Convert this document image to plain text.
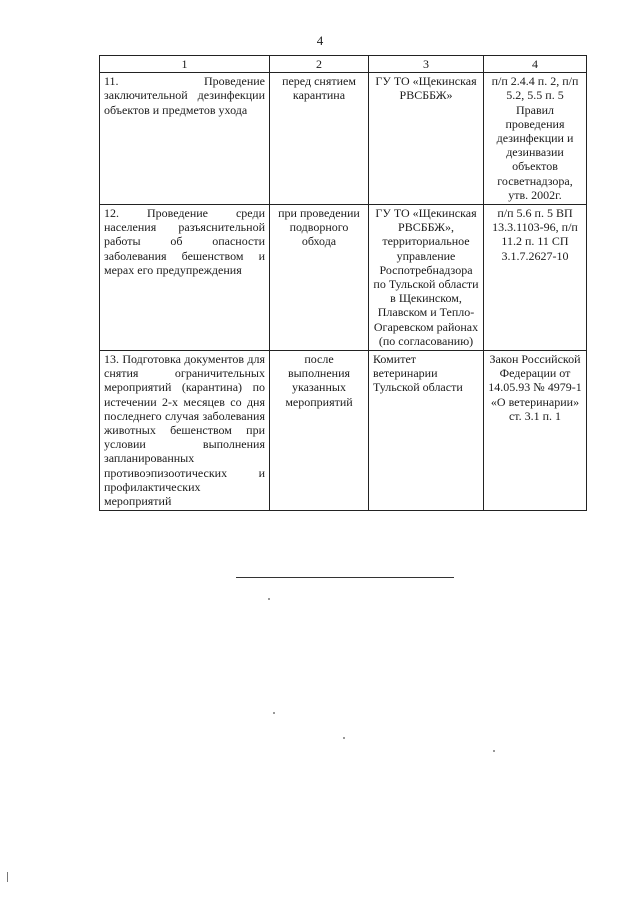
4
1	2	3	4
11. Проведение заключительной дезинфекции объектов и предметов ухода	перед снятием карантина	ГУ ТО «Щекинская РВСББЖ»	п/п 2.4.4 п. 2, п/п 5.2, 5.5 п. 5 Правил проведения дезинфекции и дезинвазии объектов госветнадзора, утв. 2002г.
12. Проведение среди населения разъяснительной работы об опасности заболевания бешенством и мерах его предупреждения	при проведении подворного обхода	ГУ ТО «Щекинская РВСББЖ», территориальное управление Роспотребнадзора по Тульской области в Щекинском, Плавском и Тепло-Огаревском районах (по согласованию)	п/п 5.6 п. 5 ВП 13.3.1103-96, п/п 11.2 п. 11 СП 3.1.7.2627-10
13. Подготовка документов для снятия ограничительных мероприятий (карантина) по истечении 2-х месяцев со дня последнего случая заболевания животных бешенством при условии выполнения запланированных противоэпизоотических и профилактических мероприятий	после выполнения указанных мероприятий	Комитет ветеринарии Тульской области	Закон Российской Федерации от 14.05.93 № 4979-1 «О ветеринарии» ст. 3.1 п. 1
